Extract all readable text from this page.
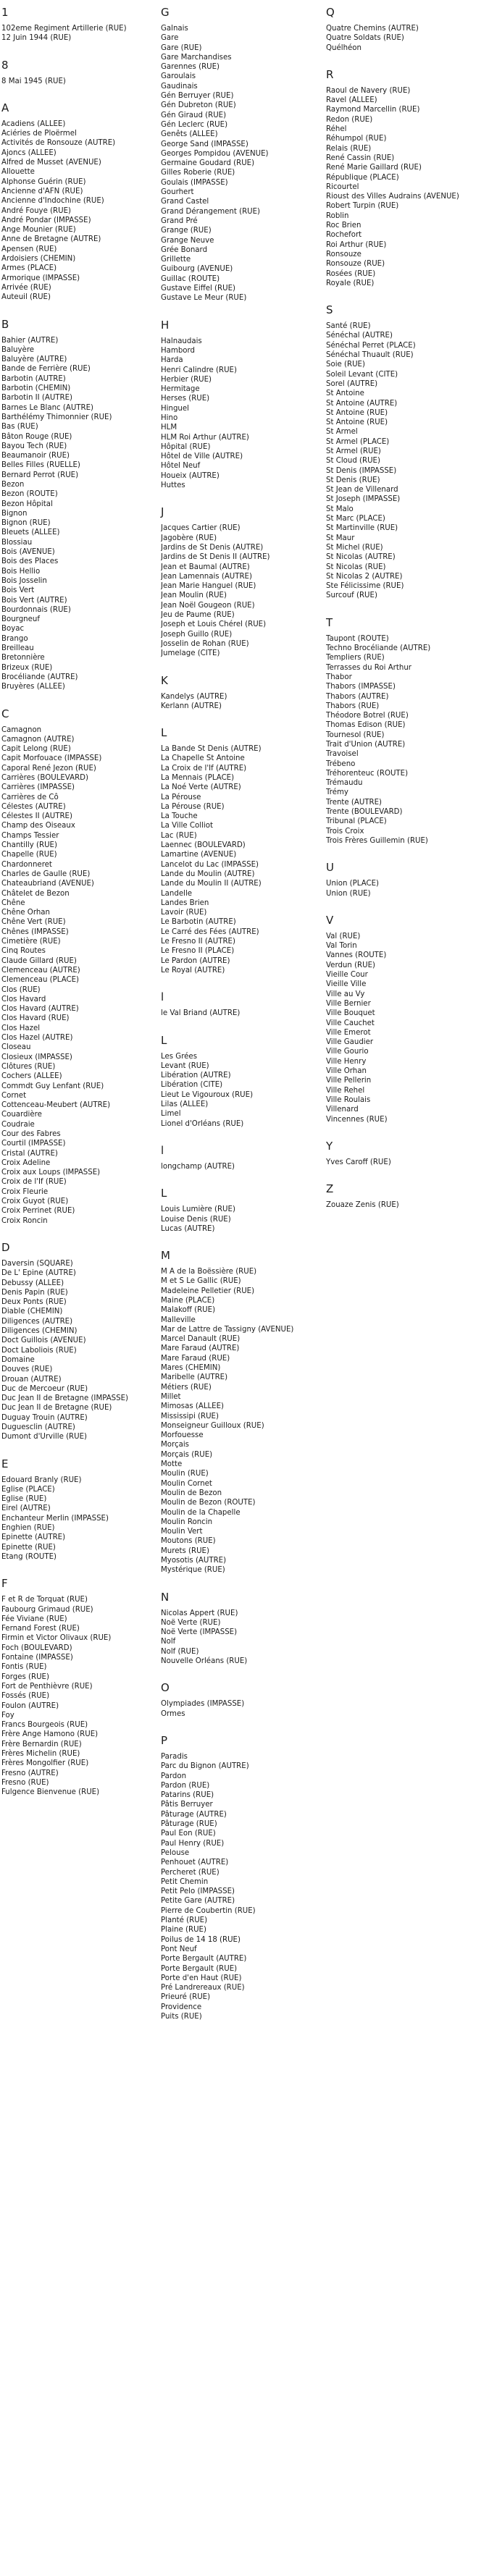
1
102eme Regiment Artillerie (RUE)
12 Juin 1944 (RUE)
8
8 Mai 1945 (RUE)
A
Acadiens (ALLEE)
Aciéries de Ploërmel
Activités de Ronsouze (AUTRE)
Ajoncs (ALLEE)
Alfred de Musset (AVENUE)
Allouette
Alphonse Guérin (RUE)
Ancienne d'AFN (RUE)
Ancienne d'Indochine (RUE)
André Fouye (RUE)
André Pondar (IMPASSE)
Ange Mounier (RUE)
Anne de Bretagne (AUTRE)
Apensen (RUE)
Ardoisiers (CHEMIN)
Armes (PLACE)
Armorique (IMPASSE)
Arrivée (RUE)
Auteuil (RUE)
B
Bahier (AUTRE)
Baluyère
Baluyère (AUTRE)
Bande de Ferrière (RUE)
Barbotin (AUTRE)
Barbotin (CHEMIN)
Barbotin II (AUTRE)
Barnes Le Blanc (AUTRE)
Barthélémy Thimonnier (RUE)
Bas (RUE)
Bâton Rouge (RUE)
Bayou Tech (RUE)
Beaumanoir (RUE)
Belles Filles (RUELLE)
Bernard Perrot (RUE)
Bezon
Bezon (ROUTE)
Bezon Hôpital
Bignon
Bignon (RUE)
Bleuets (ALLEE)
Blossiau
Bois (AVENUE)
Bois des Places
Bois Hellio
Bois Josselin
Bois Vert
Bois Vert (AUTRE)
Bourdonnais (RUE)
Bourgneuf
Boyac
Brango
Breilleau
Bretonnière
Brizeux (RUE)
Brocéliande (AUTRE)
Bruyères (ALLEE)
C
Camagnon
Camagnon (AUTRE)
Capit Lelong (RUE)
Capit Morfouace (IMPASSE)
Caporal René Jezon (RUE)
Carrières (BOULEVARD)
Carrières (IMPASSE)
Carrières de Cô
Célestes (AUTRE)
Célestes II (AUTRE)
Champ des Oiseaux
Champs Tessier
Chantilly (RUE)
Chapelle (RUE)
Chardonneret
Charles de Gaulle (RUE)
Chateaubriand (AVENUE)
Châtelet de Bezon
Chêne
Chêne Orhan
Chêne Vert (RUE)
Chênes (IMPASSE)
Cimetière (RUE)
Cinq Routes
Claude Gillard (RUE)
Clemenceau (AUTRE)
Clemenceau (PLACE)
Clos (RUE)
Clos Havard
Clos Havard (AUTRE)
Clos Havard (RUE)
Clos Hazel
Clos Hazel (AUTRE)
Closeau
Closieux (IMPASSE)
Clôtures (RUE)
Cochers (ALLEE)
Commdt Guy Lenfant (RUE)
Cornet
Cottenceau-Meubert (AUTRE)
Couardière
Coudraie
Cour des Fabres
Courtil (IMPASSE)
Cristal (AUTRE)
Croix Adeline
Croix aux Loups (IMPASSE)
Croix de l'If (RUE)
Croix Fleurie
Croix Guyot (RUE)
Croix Perrinet (RUE)
Croix Roncin
D
Daversin (SQUARE)
De L' Epine (AUTRE)
Debussy (ALLEE)
Denis Papin (RUE)
Deux Ponts (RUE)
Diable (CHEMIN)
Diligences (AUTRE)
Diligences (CHEMIN)
Doct Guillois (AVENUE)
Doct Laboliois (RUE)
Domaine
Douves (RUE)
Drouan (AUTRE)
Duc de Mercoeur (RUE)
Duc Jean II de Bretagne (IMPASSE)
Duc Jean II de Bretagne (RUE)
Duguay Trouin (AUTRE)
Duguesclin (AUTRE)
Dumont d'Urville (RUE)
E
Edouard Branly (RUE)
Eglise (PLACE)
Eglise (RUE)
Eirel (AUTRE)
Enchanteur Merlin (IMPASSE)
Enghien (RUE)
Epinette (AUTRE)
Epinette (RUE)
Etang (ROUTE)
F
F et R de Torquat (RUE)
Faubourg Grimaud (RUE)
Fée Viviane (RUE)
Fernand Forest (RUE)
Firmin et Victor Olivaux (RUE)
Foch (BOULEVARD)
Fontaine (IMPASSE)
Fontis (RUE)
Forges (RUE)
Fort de Penthièvre (RUE)
Fossés (RUE)
Foulon (AUTRE)
Foy
Francs Bourgeois (RUE)
Frère Ange Hamono (RUE)
Frère Bernardin (RUE)
Frères Michelin (RUE)
Frères Mongolfier (RUE)
Fresno (AUTRE)
Fresno (RUE)
Fulgence Bienvenue (RUE)
G
Galnais
Gare
Gare (RUE)
Gare Marchandises
Garennes (RUE)
Garoulais
Gaudinais
Gén Berruyer (RUE)
Gén Dubreton (RUE)
Gén Giraud (RUE)
Gén Leclerc (RUE)
Genêts (ALLEE)
George Sand (IMPASSE)
Georges Pompidou (AVENUE)
Germaine Goudard (RUE)
Gilles Roberie (RUE)
Goulais (IMPASSE)
Gourhert
Grand Castel
Grand Dérangement (RUE)
Grand Pré
Grange (RUE)
Grange Neuve
Grée Bonard
Grillette
Guibourg (AVENUE)
Guillac (ROUTE)
Gustave Eiffel (RUE)
Gustave Le Meur (RUE)
H
Halnaudais
Hambord
Harda
Henri Calindre (RUE)
Herbier (RUE)
Hermitage
Herses (RUE)
Hinguel
Hino
HLM
HLM Roi Arthur (AUTRE)
Hôpital (RUE)
Hôtel de Ville (AUTRE)
Hôtel Neuf
Houeix (AUTRE)
Huttes
J
Jacques Cartier (RUE)
Jagobère (RUE)
Jardins de St Denis (AUTRE)
Jardins de St Denis II (AUTRE)
Jean et Baumal (AUTRE)
Jean Lamennais (AUTRE)
Jean Marie Hanguel (RUE)
Jean Moulin (RUE)
Jean Noël Gougeon (RUE)
Jeu de Paume (RUE)
Joseph et Louis Chérel (RUE)
Joseph Guillo (RUE)
Josselin de Rohan (RUE)
Jumelage (CITE)
K
Kandelys (AUTRE)
Kerlann (AUTRE)
L
La Bande St Denis (AUTRE)
La Chapelle St Antoine
La Croix de l'If (AUTRE)
La Mennais (PLACE)
La Noé Verte (AUTRE)
La Pérouse
La Pérouse (RUE)
La Touche
La Ville Colliot
Lac (RUE)
Laennec (BOULEVARD)
Lamartine (AVENUE)
Lancelot du Lac (IMPASSE)
Lande du Moulin (AUTRE)
Lande du Moulin II (AUTRE)
Landelle
Landes Brien
Lavoir (RUE)
Le Barbotin (AUTRE)
Le Carré des Fées (AUTRE)
Le Fresno II (AUTRE)
Le Fresno II (PLACE)
Le Pardon (AUTRE)
Le Royal (AUTRE)
l
le Val Briand (AUTRE)
L
Les Grées
Levant (RUE)
Libération (AUTRE)
Libération (CITE)
Lieut Le Vigouroux (RUE)
Lilas (ALLEE)
Limel
Lionel d'Orléans (RUE)
l
longchamp (AUTRE)
L
Louis Lumière (RUE)
Louise Denis (RUE)
Lucas (AUTRE)
M
M A de la Boëssière (RUE)
M et S Le Gallic (RUE)
Madeleine Pelletier (RUE)
Maine (PLACE)
Malakoff (RUE)
Malleville
Mar de Lattre de Tassigny (AVENUE)
Marcel Danault (RUE)
Mare Faraud (AUTRE)
Mare Faraud (RUE)
Mares (CHEMIN)
Maribelle (AUTRE)
Métiers (RUE)
Millet
Mimosas (ALLEE)
Mississipi (RUE)
Monseigneur Guilloux (RUE)
Morfouesse
Morçais
Morçais (RUE)
Motte
Moulin (RUE)
Moulin Cornet
Moulin de Bezon
Moulin de Bezon (ROUTE)
Moulin de la Chapelle
Moulin Roncin
Moulin Vert
Moutons (RUE)
Murets (RUE)
Myosotis (AUTRE)
Mystérique (RUE)
N
Nicolas Appert (RUE)
Noë Verte (RUE)
Noë Verte (IMPASSE)
Nolf
Nolf (RUE)
Nouvelle Orléans (RUE)
O
Olympiades (IMPASSE)
Ormes
P
Paradis
Parc du Bignon (AUTRE)
Pardon
Pardon (RUE)
Patarins (RUE)
Pâtis Berruyer
Pâturage (AUTRE)
Pâturage (RUE)
Paul Eon (RUE)
Paul Henry (RUE)
Pelouse
Penhouet (AUTRE)
Percheret (RUE)
Petit Chemin
Petit Pelo (IMPASSE)
Petite Gare (AUTRE)
Pierre de Coubertin (RUE)
Planté (RUE)
Plaine (RUE)
Poilus de 14 18 (RUE)
Pont Neuf
Porte Bergault (AUTRE)
Porte Bergault (RUE)
Porte d'en Haut (RUE)
Pré Landrereaux (RUE)
Prieuré (RUE)
Providence
Puits (RUE)
Q
Quatre Chemins (AUTRE)
Quatre Soldats (RUE)
Quélhéon
R
Raoul de Navery (RUE)
Ravel (ALLEE)
Raymond Marcellin (RUE)
Redon (RUE)
Réhel
Réhumpol (RUE)
Relais (RUE)
René Cassin (RUE)
René Marie Gaillard (RUE)
République (PLACE)
Ricourtel
Rioust des Villes Audrains (AVENUE)
Robert Turpin (RUE)
Roblin
Roc Brien
Rochefort
Roi Arthur (RUE)
Ronsouze
Ronsouze (RUE)
Rosées (RUE)
Royale (RUE)
S
Santé (RUE)
Sénéchal (AUTRE)
Sénéchal Perret (PLACE)
Sénéchal Thuault (RUE)
Soie (RUE)
Soleil Levant (CITE)
Sorel (AUTRE)
St Antoine
St Antoine (AUTRE)
St Antoine (RUE)
St Antoine (RUE)
St Armel
St Armel (PLACE)
St Armel (RUE)
St Cloud (RUE)
St Denis (IMPASSE)
St Denis (RUE)
St Jean de Villenard
St Joseph (IMPASSE)
St Malo
St Marc (PLACE)
St Martinville (RUE)
St Maur
St Michel (RUE)
St Nicolas (AUTRE)
St Nicolas (RUE)
St Nicolas 2 (AUTRE)
Ste Félicissime (RUE)
Surcouf (RUE)
T
Taupont (ROUTE)
Techno Brocéliande (AUTRE)
Templiers (RUE)
Terrasses du Roi Arthur
Thabor
Thabors (IMPASSE)
Thabors (AUTRE)
Thabors (RUE)
Théodore Botrel (RUE)
Thomas Edison (RUE)
Tournesol (RUE)
Trait d'Union (AUTRE)
Travoisel
Trébeno
Tréhorenteuc (ROUTE)
Trémaudu
Trémy
Trente (AUTRE)
Trente (BOULEVARD)
Tribunal (PLACE)
Trois Croix
Trois Frères Guillemin (RUE)
U
Union (PLACE)
Union (RUE)
V
Val (RUE)
Val Torin
Vannes (ROUTE)
Verdun (RUE)
Vieille Cour
Vieille Ville
Ville au Vy
Ville Bernier
Ville Bouquet
Ville Cauchet
Ville Emerot
Ville Gaudier
Ville Gourio
Ville Henry
Ville Orhan
Ville Pellerin
Ville Rehel
Ville Roulais
Villenard
Vincennes (RUE)
Y
Yves Caroff (RUE)
Z
Zouaze Zenis (RUE)
